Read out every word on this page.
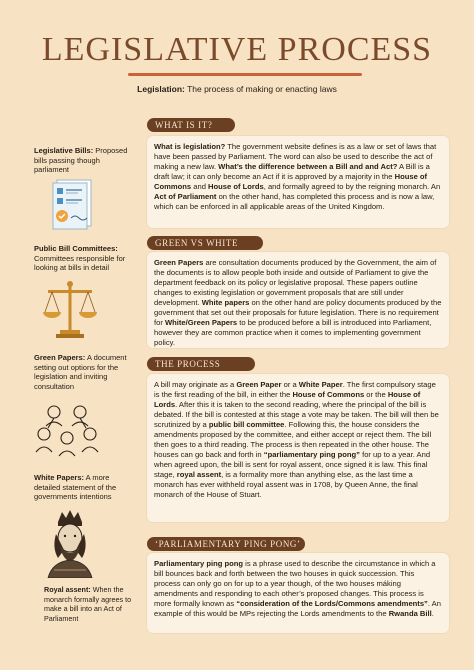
LEGISLATIVE PROCESS
Legislation: The process of making or enacting laws
Legislative Bills: Proposed bills passing though parliament
Public Bill Committees: Committees responsible for looking at bills in detail
Green Papers: A document setting out options for the legislation and inviting consultation
White Papers: A more detailed statement of the governments intentions
Royal assent: When the monarch formally agrees to make a bill into an Act of Parliament
WHAT IS IT?
What is legislation? The government website defines is as a law or set of laws that have been passed by Parliament. The word can also be used to describe the act of making a new law. What’s the difference between a Bill and and Act? A Bill is a draft law; it can only become an Act if it is approved by a majority in the House of Commons and House of Lords, and formally agreed to by the reigning monarch. An Act of Parliament on the other hand, has completed this process and is now a law, which can be enforced in all applicable areas of the United Kingdom.
GREEN VS WHITE
Green Papers are consultation documents produced by the Government, the aim of the documents is to allow people both inside and outside of Parliament to give the department feedback on its policy or legislative proposal. These papers outline changes to existing legislation or government proposals that are still under development. White papers on the other hand are policy documents produced by the government that set out their proposals for future legislation. There is no requirement for White/Green Papers to be produced before a bill is introduced into Parliament, however they are common practice when it comes to implementing government policy.
THE PROCESS
A bill may originate as a Green Paper or a White Paper. The first compulsory stage is the first reading of the bill, in either the House of Commons or the House of Lords. After this it is taken to the second reading, where the principal of the bill is debated. If the bill is contested at this stage a vote may be taken. The bill will then be scrutinized by a public bill committee. Following this, the house considers the amendments proposed by the committee, and either accept or reject them. The bill then goes to a third reading. The process is then repeated in the other house. The houses can go back and forth in “parliamentary ping pong” for up to a year. And when agreed upon, the bill is sent for royal assent, once signed it is law. This final stage, royal assent, is a formality more than anything else, as the last time a monarch has ever withheld royal assent was in 1708, by Queen Anne, the final monarch of the House of Stuart.
‘PARLIAMENTARY PING PONG’
Parliamentary ping pong is a phrase used to describe the circumstance in which a bill bounces back and forth between the two houses in quick succession. This process can only go on for up to a year though, of the two houses máking amendments and responding to each other’s proposed changes. This process is more formally known as “consideration of the Lords/Commons amendments”. An example of this would be MPs rejecting the Lords amendments to the Rwanda Bill.
